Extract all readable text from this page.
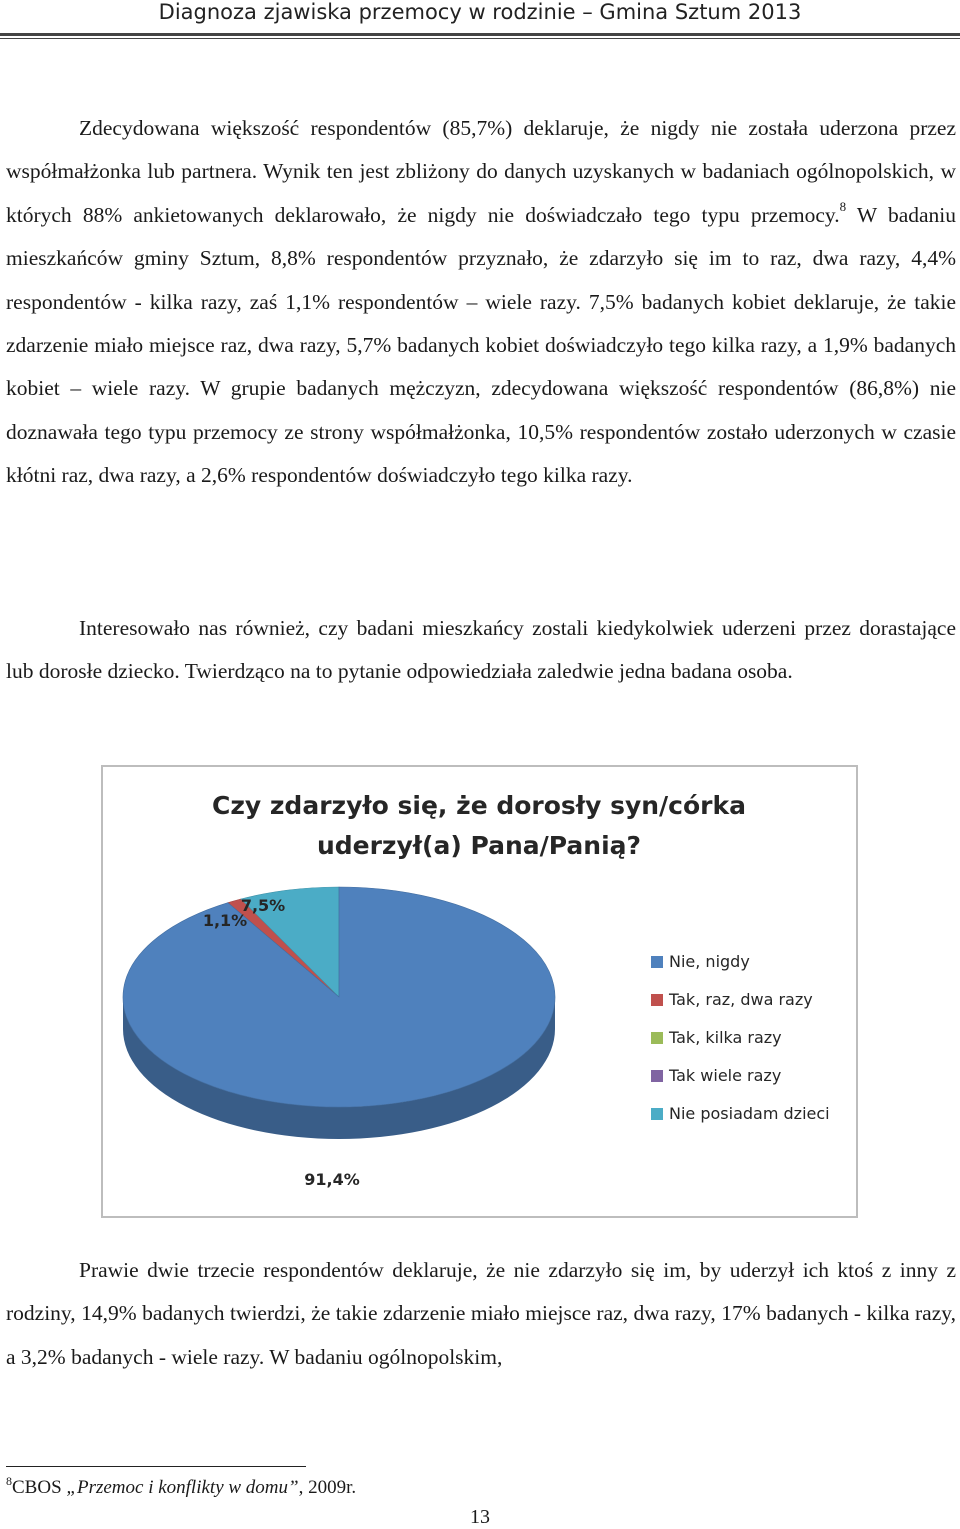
Diagnoza zjawiska przemocy w rodzinie – Gmina Sztum 2013

Zdecydowana większość respondentów (85,7%) deklaruje, że nigdy nie została uderzona przez współmałżonka lub partnera. Wynik ten jest zbliżony do danych uzyskanych w badaniach ogólnopolskich, w których 88% ankietowanych deklarowało, że nigdy nie doświadczało tego typu przemocy.$^8$ W badaniu mieszkańców gminy Sztum, 8,8% respondentów przyznało, że zdarzyło się im to raz, dwa razy, 4,4% respondentów - kilka razy, zaś 1,1% respondentów – wiele razy. 7,5% badanych kobiet deklaruje, że takie zdarzenie miało miejsce raz, dwa razy, 5,7% badanych kobiet doświadczyło tego kilka razy, a 1,9% badanych kobiet – wiele razy. W grupie badanych mężczyzn, zdecydowana większość respondentów (86,8%) nie doznawała tego typu przemocy ze strony współmałżonka, 10,5% respondentów zostało uderzonych w czasie kłótni raz, dwa razy, a 2,6% respondentów doświadczyło tego kilka razy.

Interesowało nas również, czy badani mieszkańcy zostali kiedykolwiek uderzeni przez dorastające lub dorosłe dziecko. Twierdząco na to pytanie odpowiedziała zaledwie jedna badana osoba.

Czy zdarzyło się, że dorosły syn/córka
uderzył(a) Pana/Panią?
91,4%
1,1%
7,5%
Nie, nigdy
Tak, raz, dwa razy
Tak, kilka razy
Tak wiele razy
Nie posiadam dzieci

Prawie dwie trzecie respondentów deklaruje, że nie zdarzyło się im, by uderzył ich ktoś z inny z rodziny, 14,9% badanych twierdzi, że takie zdarzenie miało miejsce raz, dwa razy, 17% badanych - kilka razy, a 3,2% badanych - wiele razy. W badaniu ogólnopolskim,

$^8$CBOS „Przemoc i konflikty w domu”, 2009r.
13
